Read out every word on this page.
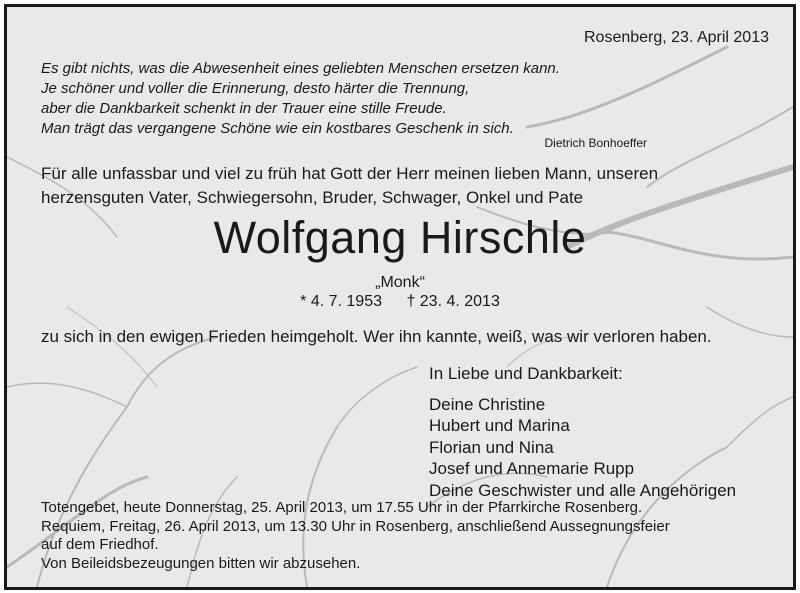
Rosenberg, 23. April 2013
Es gibt nichts, was die Abwesenheit eines geliebten Menschen ersetzen kann.
Je schöner und voller die Erinnerung, desto härter die Trennung,
aber die Dankbarkeit schenkt in der Trauer eine stille Freude.
Man trägt das vergangene Schöne wie ein kostbares Geschenk in sich.
Dietrich Bonhoeffer
Für alle unfassbar und viel zu früh hat Gott der Herr meinen lieben Mann, unseren
herzensguten Vater, Schwiegersohn, Bruder, Schwager, Onkel und Pate
Wolfgang Hirschle
„Monk“
* 4. 7. 1953 † 23. 4. 2013
zu sich in den ewigen Frieden heimgeholt. Wer ihn kannte, weiß, was wir verloren haben.
In Liebe und Dankbarkeit:
Deine Christine
Hubert und Marina
Florian und Nina
Josef und Annemarie Rupp
Deine Geschwister und alle Angehörigen
Totengebet, heute Donnerstag, 25. April 2013, um 17.55 Uhr in der Pfarrkirche Rosenberg.
Requiem, Freitag, 26. April 2013, um 13.30 Uhr in Rosenberg, anschließend Aussegnungsfeier
auf dem Friedhof.
Von Beileidsbezeugungen bitten wir abzusehen.
